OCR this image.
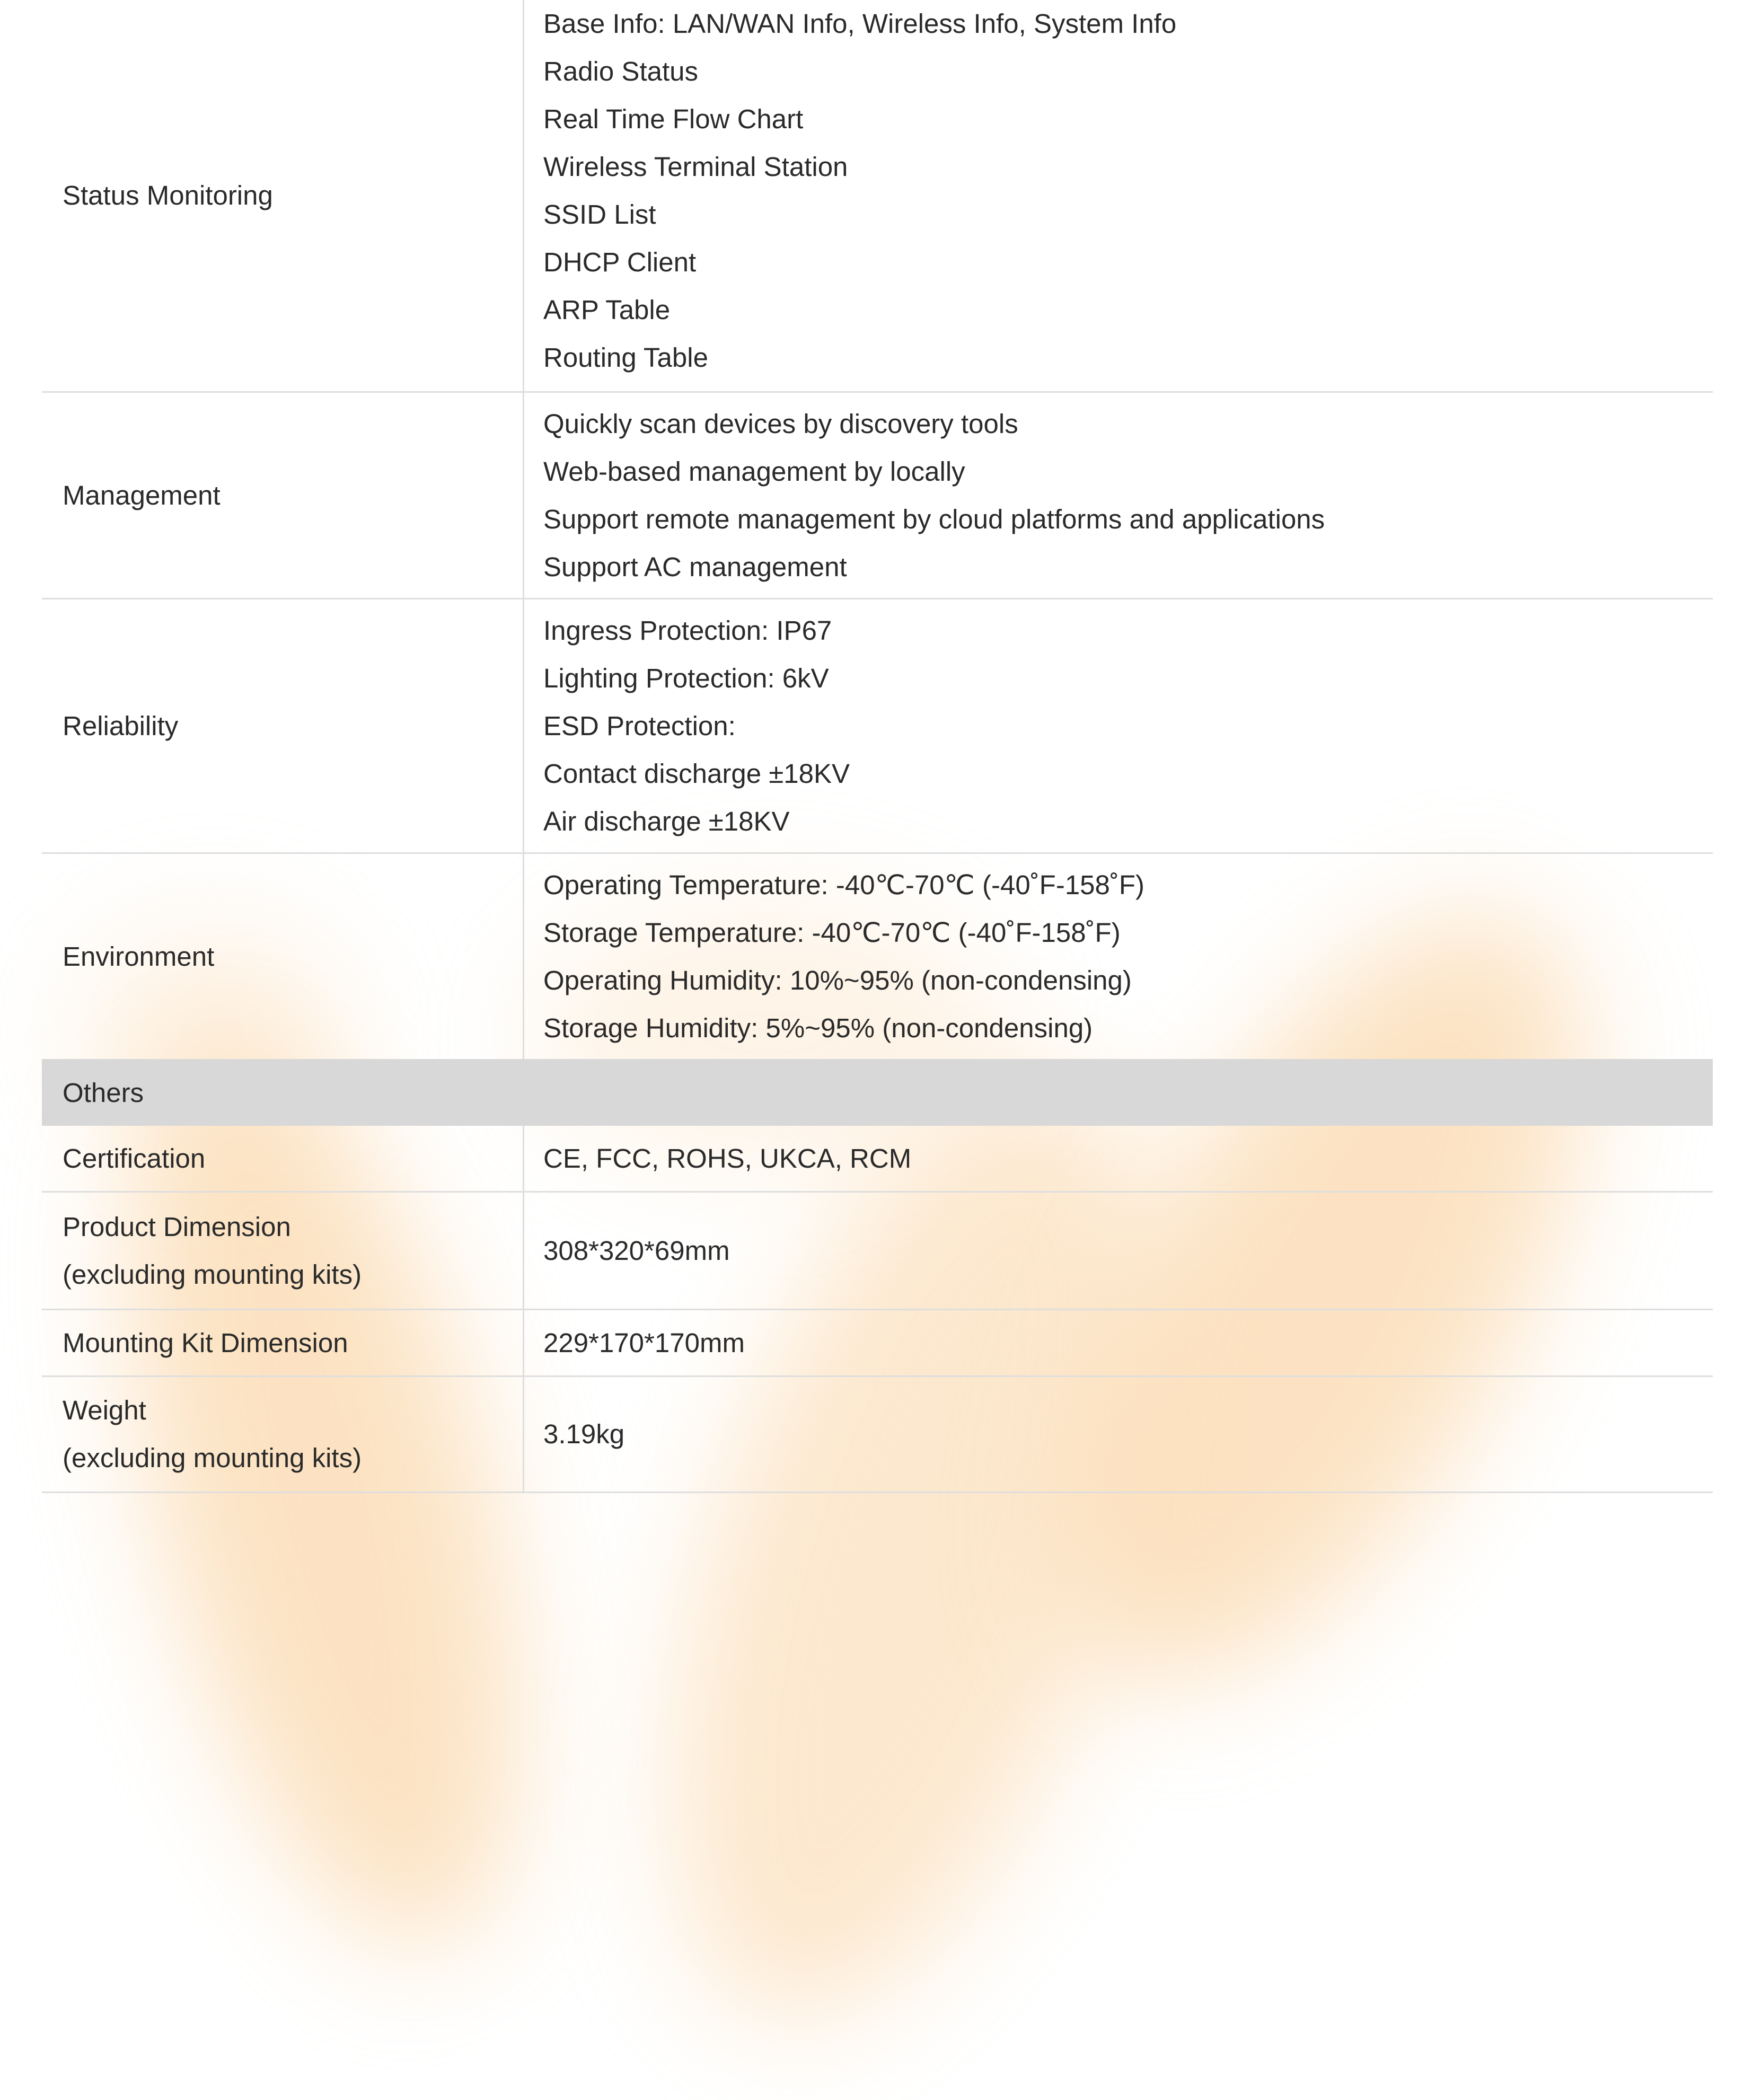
Status Monitoring
Base Info: LAN/WAN Info, Wireless Info, System Info
Radio Status
Real Time Flow Chart
Wireless Terminal Station
SSID List
DHCP Client
ARP Table
Routing Table
Management
Quickly scan devices by discovery tools
Web-based management by locally
Support remote management by cloud platforms and applications
Support AC management
Reliability
Ingress Protection: IP67
Lighting Protection: 6kV
ESD Protection:
Contact discharge ±18KV
Air discharge ±18KV
Environment
Operating Temperature: -40℃-70℃ (-40˚F-158˚F)
Storage Temperature: -40℃-70℃ (-40˚F-158˚F)
Operating Humidity: 10%~95% (non-condensing)
Storage Humidity: 5%~95% (non-condensing)
Others
Certification	CE, FCC, ROHS, UKCA, RCM
Product Dimension
(excluding mounting kits)
308*320*69mm
Mounting Kit Dimension	229*170*170mm
Weight
(excluding mounting kits)
3.19kg
